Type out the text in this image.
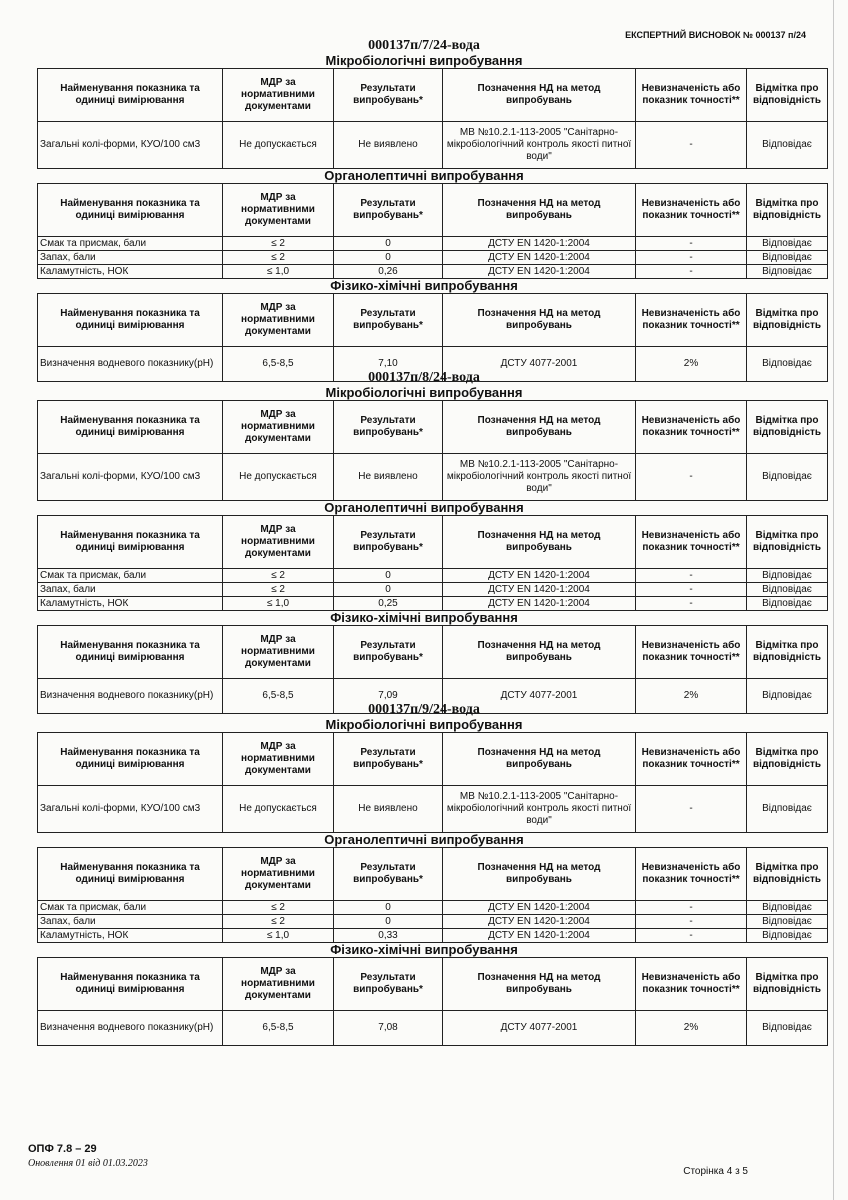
ЕКСПЕРТНИЙ ВИСНОВОК № 000137 п/24
000137п/7/24-вода
Мікробіологічні випробування
Найменування показника та одиниці вимірювання	МДР за нормативними документами	Результати випробувань*	Позначення НД на метод випробувань	Невизначеність або показник точності**	Відмітка про відповідність
Загальні колі-форми, КУО/100 см3	Не допускається	Не виявлено	МВ №10.2.1-113-2005 "Санітарно-мікробіологічний контроль якості питної води"	-	Відповідає
Органолептичні випробування
Найменування показника та одиниці вимірювання	МДР за нормативними документами	Результати випробувань*	Позначення НД на метод випробувань	Невизначеність або показник точності**	Відмітка про відповідність
Смак та присмак, бали	≤ 2	0	ДСТУ EN 1420-1:2004	-	Відповідає
Запах, бали	≤ 2	0	ДСТУ EN 1420-1:2004	-	Відповідає
Каламутність, НОК	≤ 1,0	0,26	ДСТУ EN 1420-1:2004	-	Відповідає
Фізико-хімічні випробування
Найменування показника та одиниці вимірювання	МДР за нормативними документами	Результати випробувань*	Позначення НД на метод випробувань	Невизначеність або показник точності**	Відмітка про відповідність
Визначення водневого показнику(pH)	6,5-8,5	7,10	ДСТУ 4077-2001	2%	Відповідає
000137п/8/24-вода
Мікробіологічні випробування
Найменування показника та одиниці вимірювання	МДР за нормативними документами	Результати випробувань*	Позначення НД на метод випробувань	Невизначеність або показник точності**	Відмітка про відповідність
Загальні колі-форми, КУО/100 см3	Не допускається	Не виявлено	МВ №10.2.1-113-2005 "Санітарно-мікробіологічний контроль якості питної води"	-	Відповідає
Органолептичні випробування
Найменування показника та одиниці вимірювання	МДР за нормативними документами	Результати випробувань*	Позначення НД на метод випробувань	Невизначеність або показник точності**	Відмітка про відповідність
Смак та присмак, бали	≤ 2	0	ДСТУ EN 1420-1:2004	-	Відповідає
Запах, бали	≤ 2	0	ДСТУ EN 1420-1:2004	-	Відповідає
Каламутність, НОК	≤ 1,0	0,25	ДСТУ EN 1420-1:2004	-	Відповідає
Фізико-хімічні випробування
Найменування показника та одиниці вимірювання	МДР за нормативними документами	Результати випробувань*	Позначення НД на метод випробувань	Невизначеність або показник точності**	Відмітка про відповідність
Визначення водневого показнику(pH)	6,5-8,5	7,09	ДСТУ 4077-2001	2%	Відповідає
000137п/9/24-вода
Мікробіологічні випробування
Найменування показника та одиниці вимірювання	МДР за нормативними документами	Результати випробувань*	Позначення НД на метод випробувань	Невизначеність або показник точності**	Відмітка про відповідність
Загальні колі-форми, КУО/100 см3	Не допускається	Не виявлено	МВ №10.2.1-113-2005 "Санітарно-мікробіологічний контроль якості питної води"	-	Відповідає
Органолептичні випробування
Найменування показника та одиниці вимірювання	МДР за нормативними документами	Результати випробувань*	Позначення НД на метод випробувань	Невизначеність або показник точності**	Відмітка про відповідність
Смак та присмак, бали	≤ 2	0	ДСТУ EN 1420-1:2004	-	Відповідає
Запах, бали	≤ 2	0	ДСТУ EN 1420-1:2004	-	Відповідає
Каламутність, НОК	≤ 1,0	0,33	ДСТУ EN 1420-1:2004	-	Відповідає
Фізико-хімічні випробування
Найменування показника та одиниці вимірювання	МДР за нормативними документами	Результати випробувань*	Позначення НД на метод випробувань	Невизначеність або показник точності**	Відмітка про відповідність
Визначення водневого показнику(pH)	6,5-8,5	7,08	ДСТУ 4077-2001	2%	Відповідає
ОПФ 7.8 – 29
Оновлення 01 від 01.03.2023
Сторінка 4 з 5
